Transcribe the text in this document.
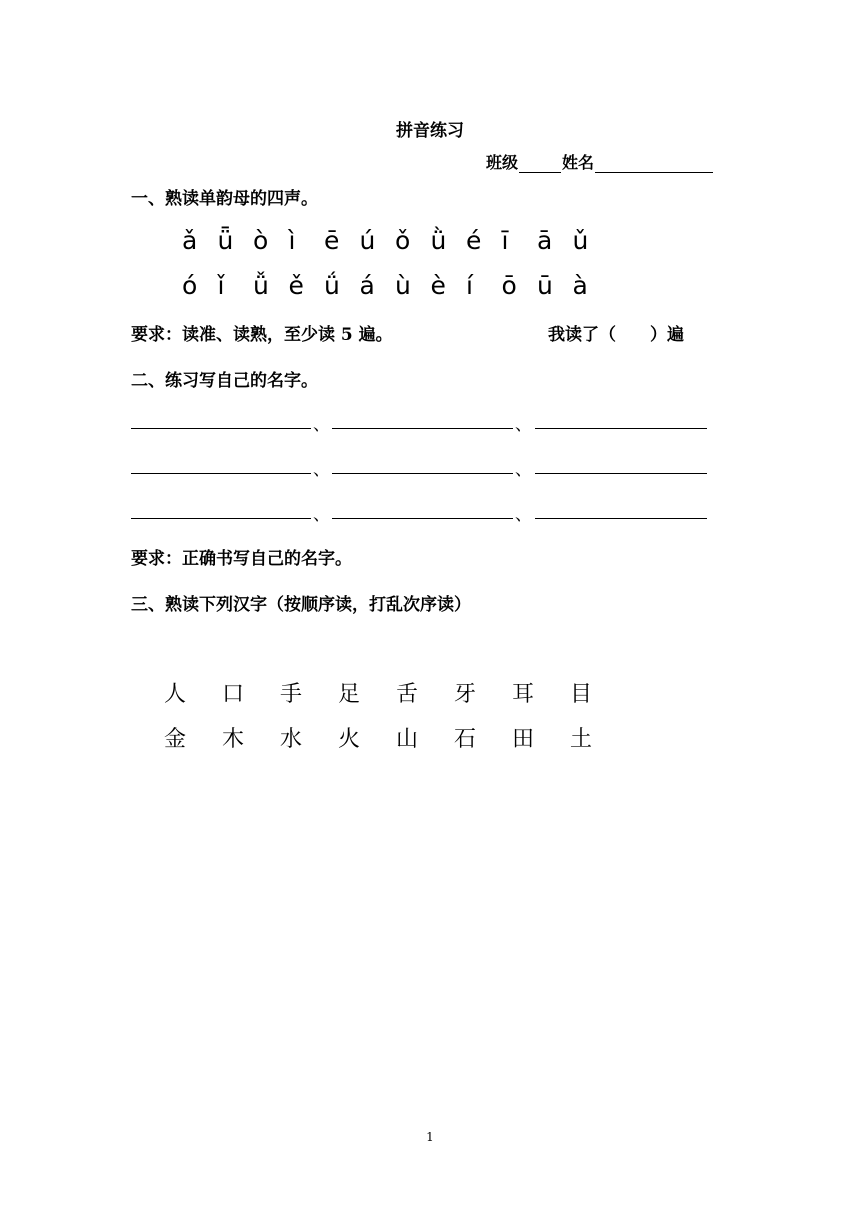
拼音练习
班级	姓名
一、熟读单韵母的四声。
ǎ ǖ ò ì ē ú ǒ ǜ é ī ā ǔ
ó ǐ ǚ ě ǘ á ù è í ō ū à
要求：读准、读熟，至少读 5 遍。	我读了（　　）遍
二、练习写自己的名字。
、	、
、	、
、	、
要求：正确书写自己的名字。
三、熟读下列汉字（按顺序读，打乱次序读）
人 口 手 足 舌 牙 耳 目
金 木 水 火 山 石 田 土
1
